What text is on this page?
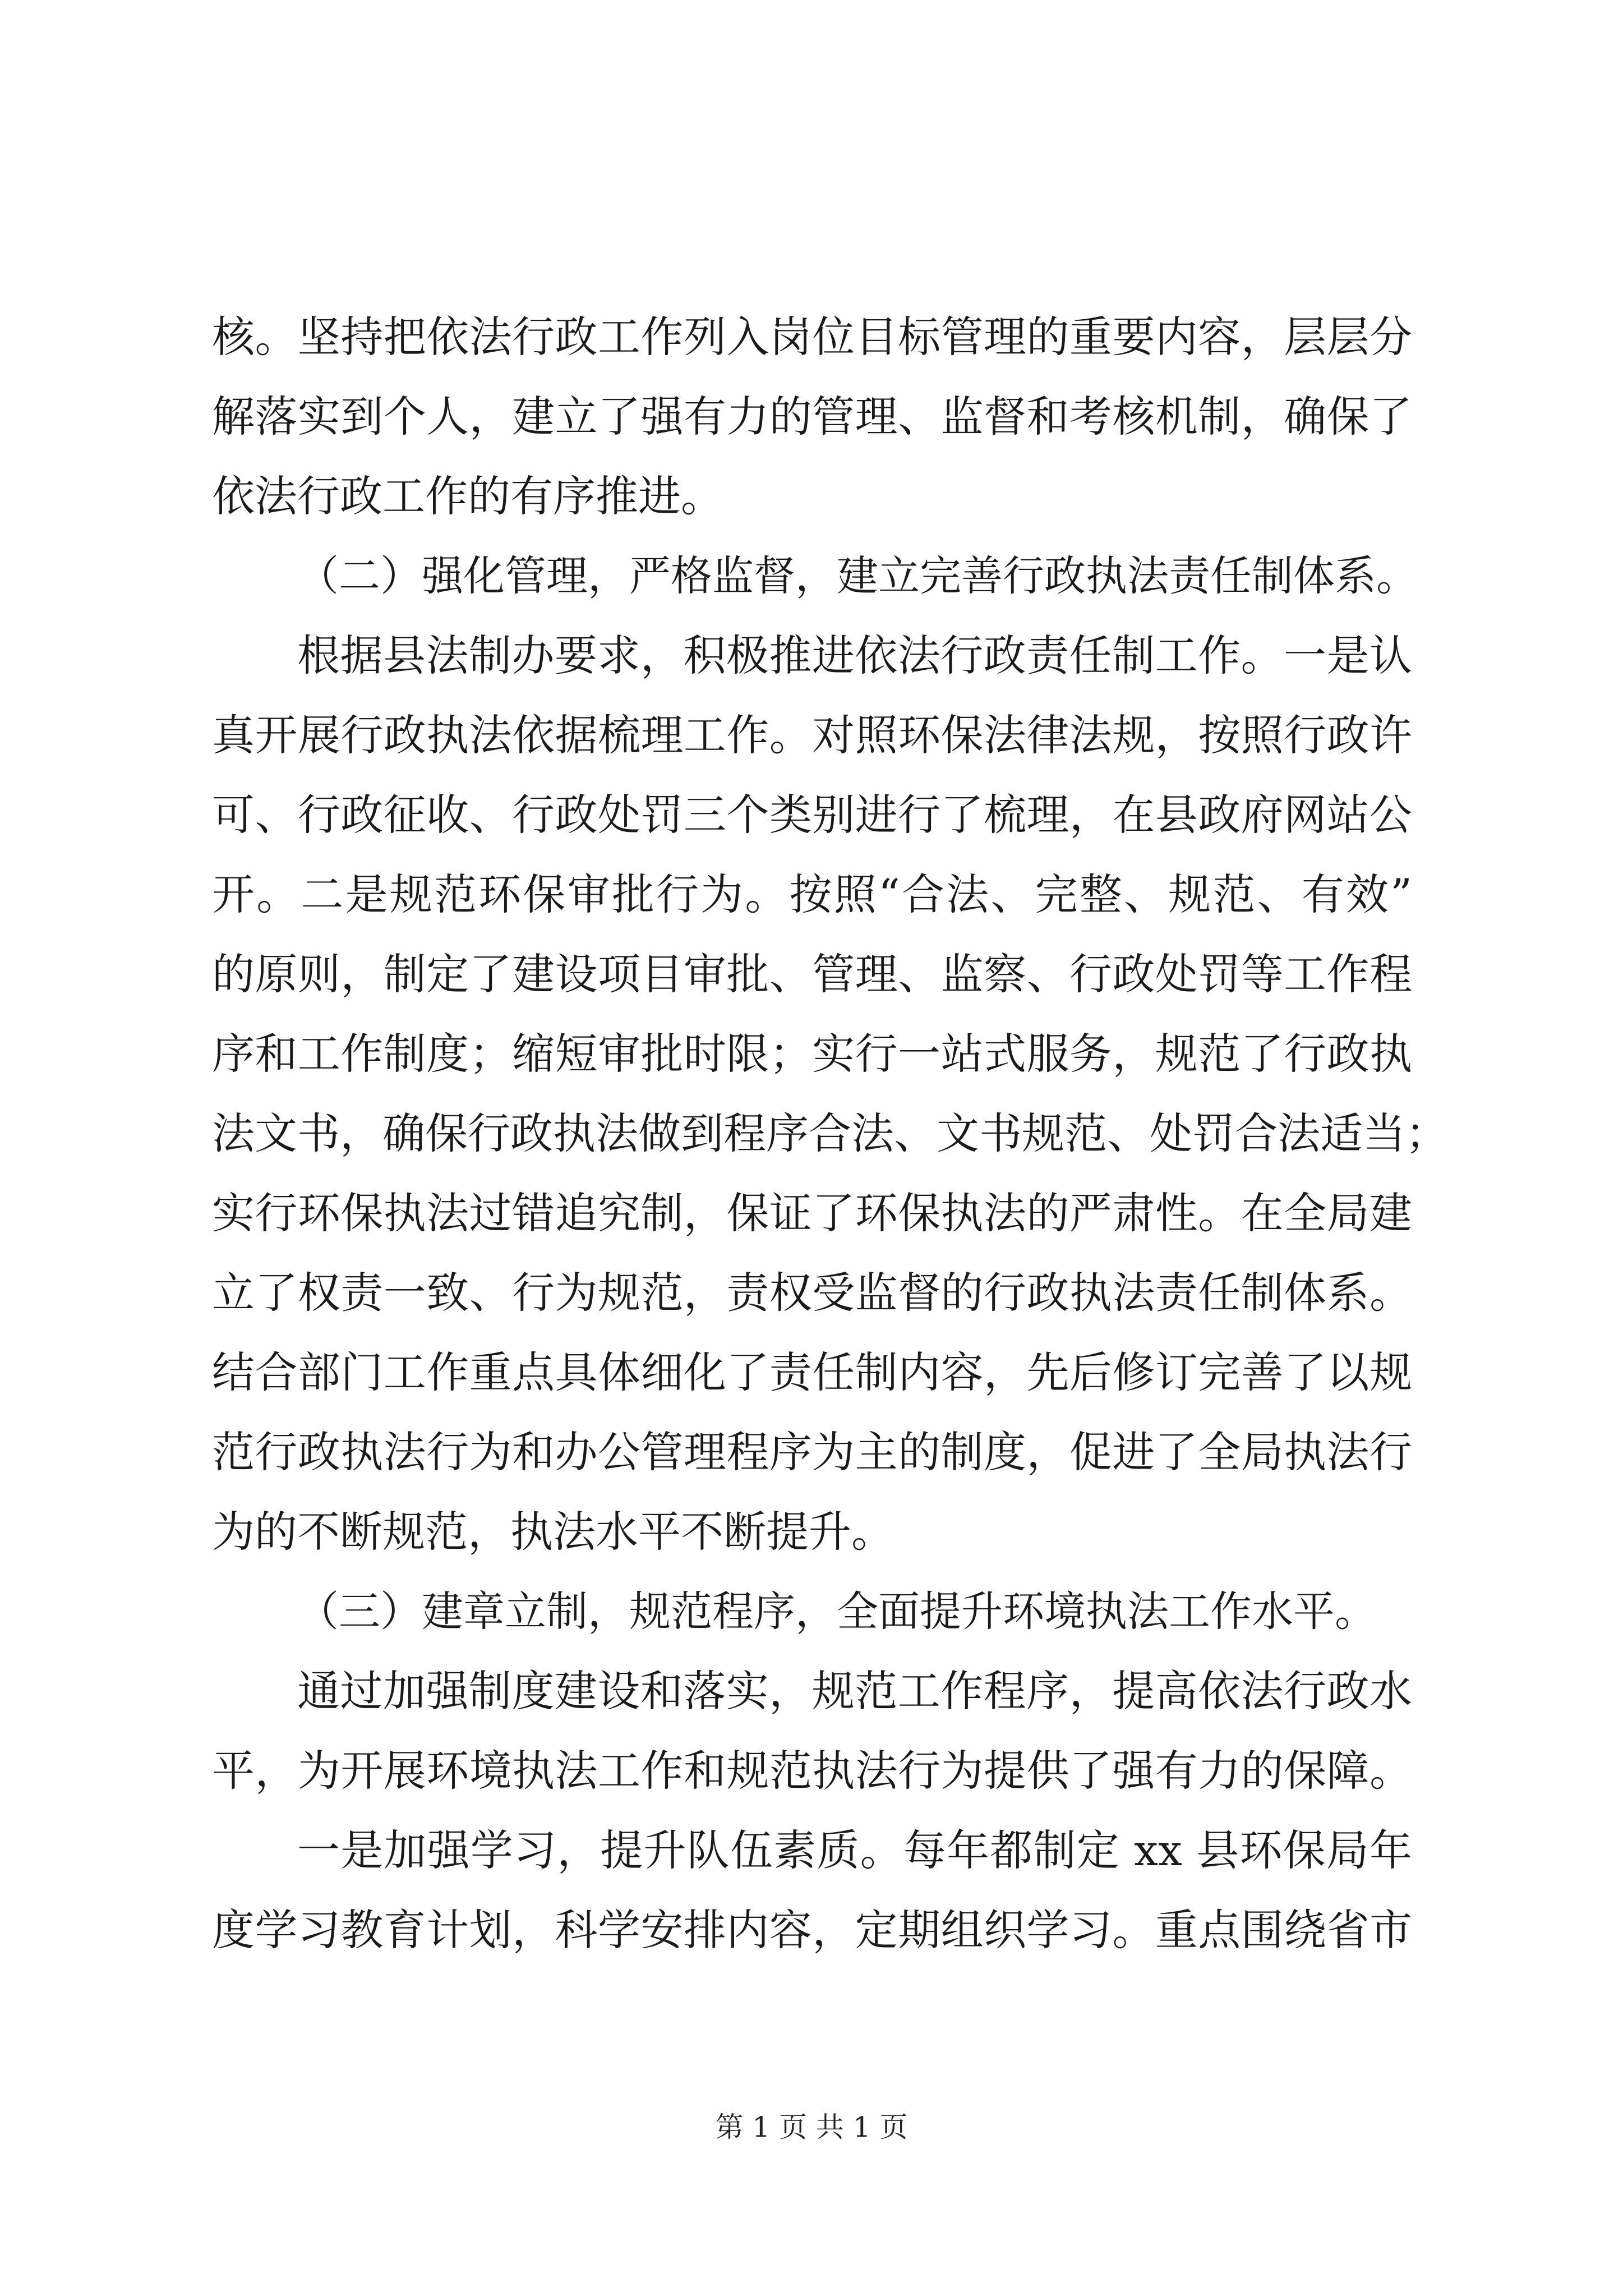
核。坚持把依法行政工作列入岗位目标管理的重要内容，层层分
解落实到个人，建立了强有力的管理、监督和考核机制，确保了
依法行政工作的有序推进。
（二）强化管理，严格监督，建立完善行政执法责任制体系。
根据县法制办要求，积极推进依法行政责任制工作。一是认
真开展行政执法依据梳理工作。对照环保法律法规，按照行政许
可、行政征收、行政处罚三个类别进行了梳理，在县政府网站公
开。二是规范环保审批行为。按照“合法、完整、规范、有效”
的原则，制定了建设项目审批、管理、监察、行政处罚等工作程
序和工作制度；缩短审批时限；实行一站式服务，规范了行政执
法文书，确保行政执法做到程序合法、文书规范、处罚合法适当；
实行环保执法过错追究制，保证了环保执法的严肃性。在全局建
立了权责一致、行为规范，责权受监督的行政执法责任制体系。
结合部门工作重点具体细化了责任制内容，先后修订完善了以规
范行政执法行为和办公管理程序为主的制度，促进了全局执法行
为的不断规范，执法水平不断提升。
（三）建章立制，规范程序，全面提升环境执法工作水平。
通过加强制度建设和落实，规范工作程序，提高依法行政水
平，为开展环境执法工作和规范执法行为提供了强有力的保障。
一是加强学习，提升队伍素质。每年都制定 xx 县环保局年
度学习教育计划，科学安排内容，定期组织学习。重点围绕省市
第 1 页 共 1 页
